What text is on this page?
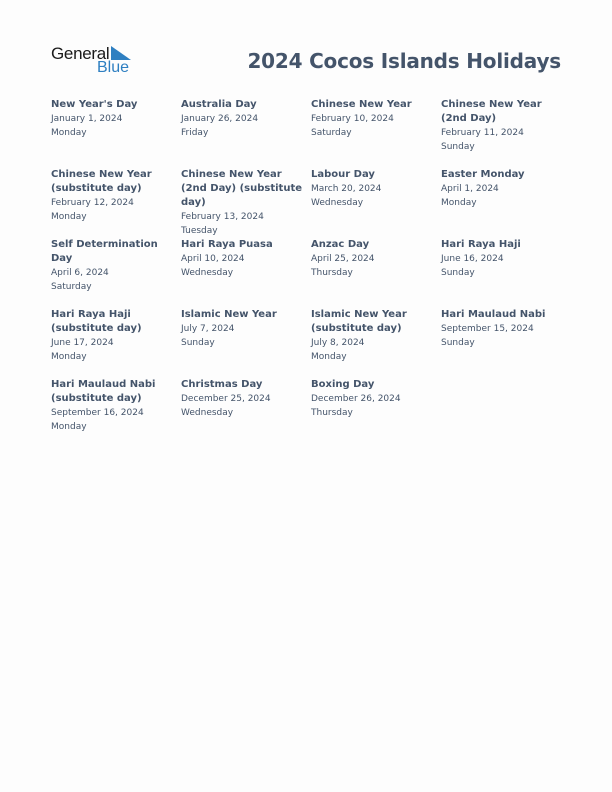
General
Blue	2024 Cocos Islands Holidays
New Year's Day
January 1, 2024
Monday
Australia Day
January 26, 2024
Friday
Chinese New Year
February 10, 2024
Saturday
Chinese New Year (2nd Day)
February 11, 2024
Sunday
Chinese New Year (substitute day)
February 12, 2024
Monday
Chinese New Year (2nd Day) (substitute day)
February 13, 2024
Tuesday
Labour Day
March 20, 2024
Wednesday
Easter Monday
April 1, 2024
Monday
Self Determination Day
April 6, 2024
Saturday
Hari Raya Puasa
April 10, 2024
Wednesday
Anzac Day
April 25, 2024
Thursday
Hari Raya Haji
June 16, 2024
Sunday
Hari Raya Haji (substitute day)
June 17, 2024
Monday
Islamic New Year
July 7, 2024
Sunday
Islamic New Year (substitute day)
July 8, 2024
Monday
Hari Maulaud Nabi
September 15, 2024
Sunday
Hari Maulaud Nabi (substitute day)
September 16, 2024
Monday
Christmas Day
December 25, 2024
Wednesday
Boxing Day
December 26, 2024
Thursday
